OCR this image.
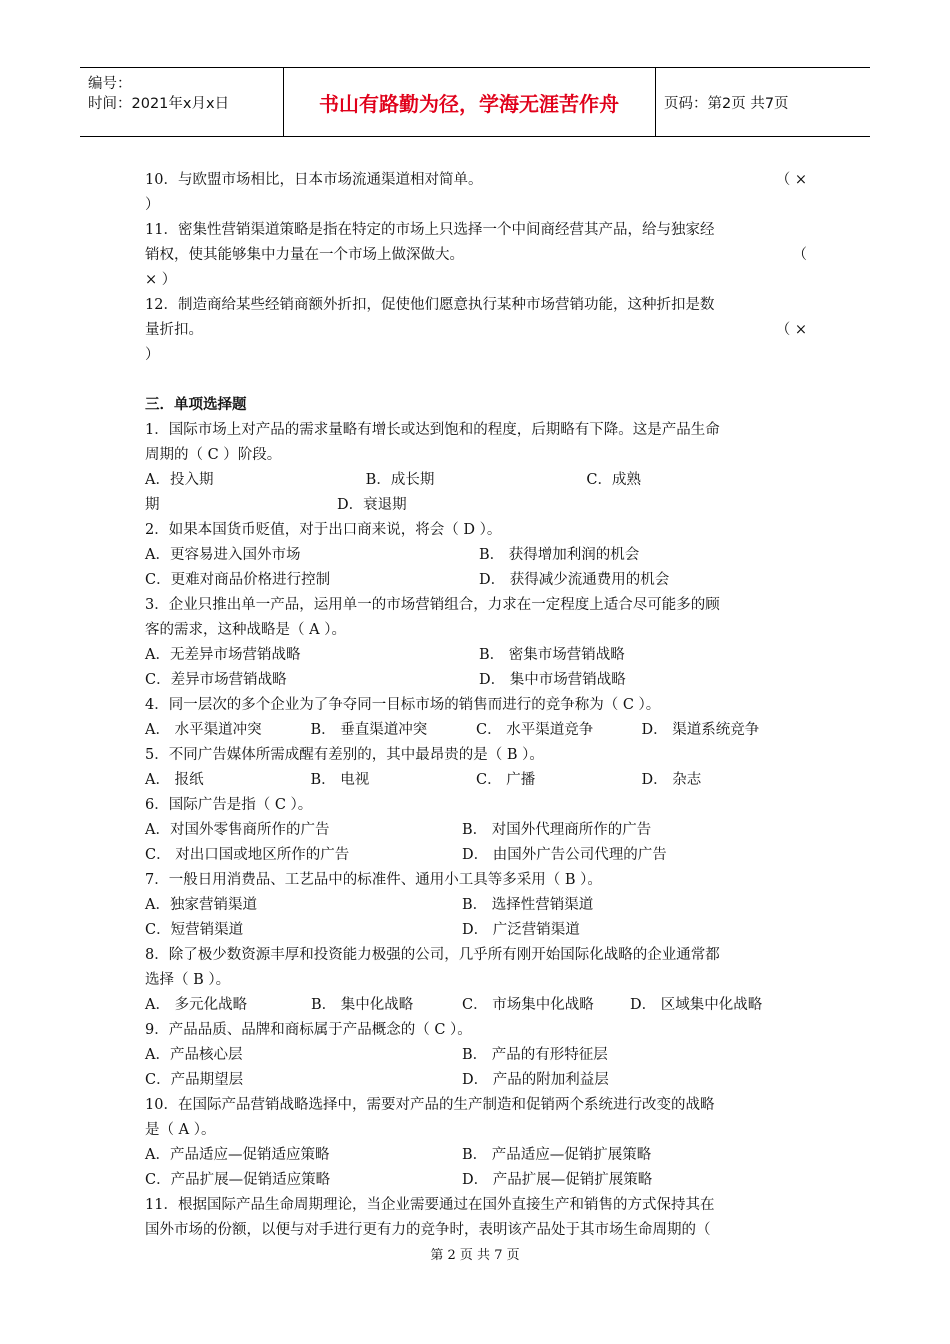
编号：
时间：2021年x月x日	书山有路勤为径，学海无涯苦作舟	页码：第2页 共7页

10．与欧盟市场相比，日本市场流通渠道相对简单。	（ ×

）

11．密集性营销渠道策略是指在特定的市场上只选择一个中间商经营其产品，给与独家经

销权，使其能够集中力量在一个市场上做深做大。	（

× ）

12．制造商给某些经销商额外折扣，促使他们愿意执行某种市场营销功能，这种折扣是数

量折扣。	（ ×

）

三．单项选择题

1．国际市场上对产品的需求量略有增长或达到饱和的程度，后期略有下降。这是产品生命

周期的（ C ）阶段。

A．投入期	B．成长期	C．成熟

期	D．衰退期

2．如果本国货币贬值，对于出口商来说，将会（ D ）。

A．更容易进入国外市场	B． 获得增加利润的机会

C．更难对商品价格进行控制	D． 获得减少流通费用的机会

3．企业只推出单一产品，运用单一的市场营销组合，力求在一定程度上适合尽可能多的顾

客的需求，这种战略是（ A ）。

A．无差异市场营销战略	B． 密集市场营销战略

C．差异市场营销战略	D． 集中市场营销战略

4．同一层次的多个企业为了争夺同一目标市场的销售而进行的竞争称为（ C ）。

A． 水平渠道冲突	B． 垂直渠道冲突	C． 水平渠道竞争	D． 渠道系统竞争

5．不同广告媒体所需成醒有差别的，其中最昂贵的是（ B ）。

A． 报纸	B． 电视	C． 广播	D． 杂志

6．国际广告是指（ C ）。

A．对国外零售商所作的广告	B． 对国外代理商所作的广告

C． 对出口国或地区所作的广告	D． 由国外广告公司代理的广告

7．一般日用消费品、工艺品中的标准件、通用小工具等多采用（ B ）。

A．独家营销渠道	B． 选择性营销渠道

C．短营销渠道	D． 广泛营销渠道

8．除了极少数资源丰厚和投资能力极强的公司，几乎所有刚开始国际化战略的企业通常都

选择（ B ）。

A． 多元化战略	B． 集中化战略	C． 市场集中化战略	D． 区域集中化战略

9．产品品质、品牌和商标属于产品概念的（ C ）。

A．产品核心层	B． 产品的有形特征层

C．产品期望层	D． 产品的附加利益层

10．在国际产品营销战略选择中，需要对产品的生产制造和促销两个系统进行改变的战略

是（ A ）。

A．产品适应—促销适应策略	B． 产品适应—促销扩展策略

C．产品扩展—促销适应策略	D． 产品扩展—促销扩展策略

11．根据国际产品生命周期理论，当企业需要通过在国外直接生产和销售的方式保持其在

国外市场的份额，以便与对手进行更有力的竞争时，表明该产品处于其市场生命周期的（

第 2 页 共 7 页
